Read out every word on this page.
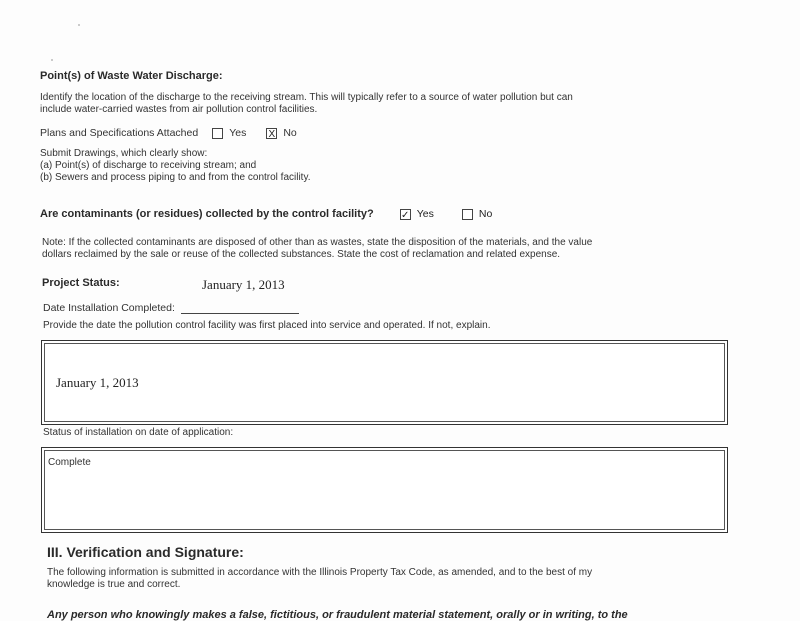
Point(s) of Waste Water Discharge:
Identify the location of the discharge to the receiving stream. This will typically refer to a source of water pollution but can
include water-carried wastes from air pollution control facilities.
Plans and Specifications Attached	Yes X No
Submit Drawings, which clearly show:
(a) Point(s) of discharge to receiving stream; and
(b) Sewers and process piping to and from the control facility.
Are contaminants (or residues) collected by the control facility?	✓ Yes	No
Note: If the collected contaminants are disposed of other than as wastes, state the disposition of the materials, and the value
dollars reclaimed by the sale or reuse of the collected substances. State the cost of reclamation and related expense.
Project Status:	January 1, 2013
Date Installation Completed:
Provide the date the pollution control facility was first placed into service and operated. If not, explain.
January 1, 2013
Status of installation on date of application:
Complete
III. Verification and Signature:
The following information is submitted in accordance with the Illinois Property Tax Code, as amended, and to the best of my
knowledge is true and correct.
Any person who knowingly makes a false, fictitious, or fraudulent material statement, orally or in writing, to the
